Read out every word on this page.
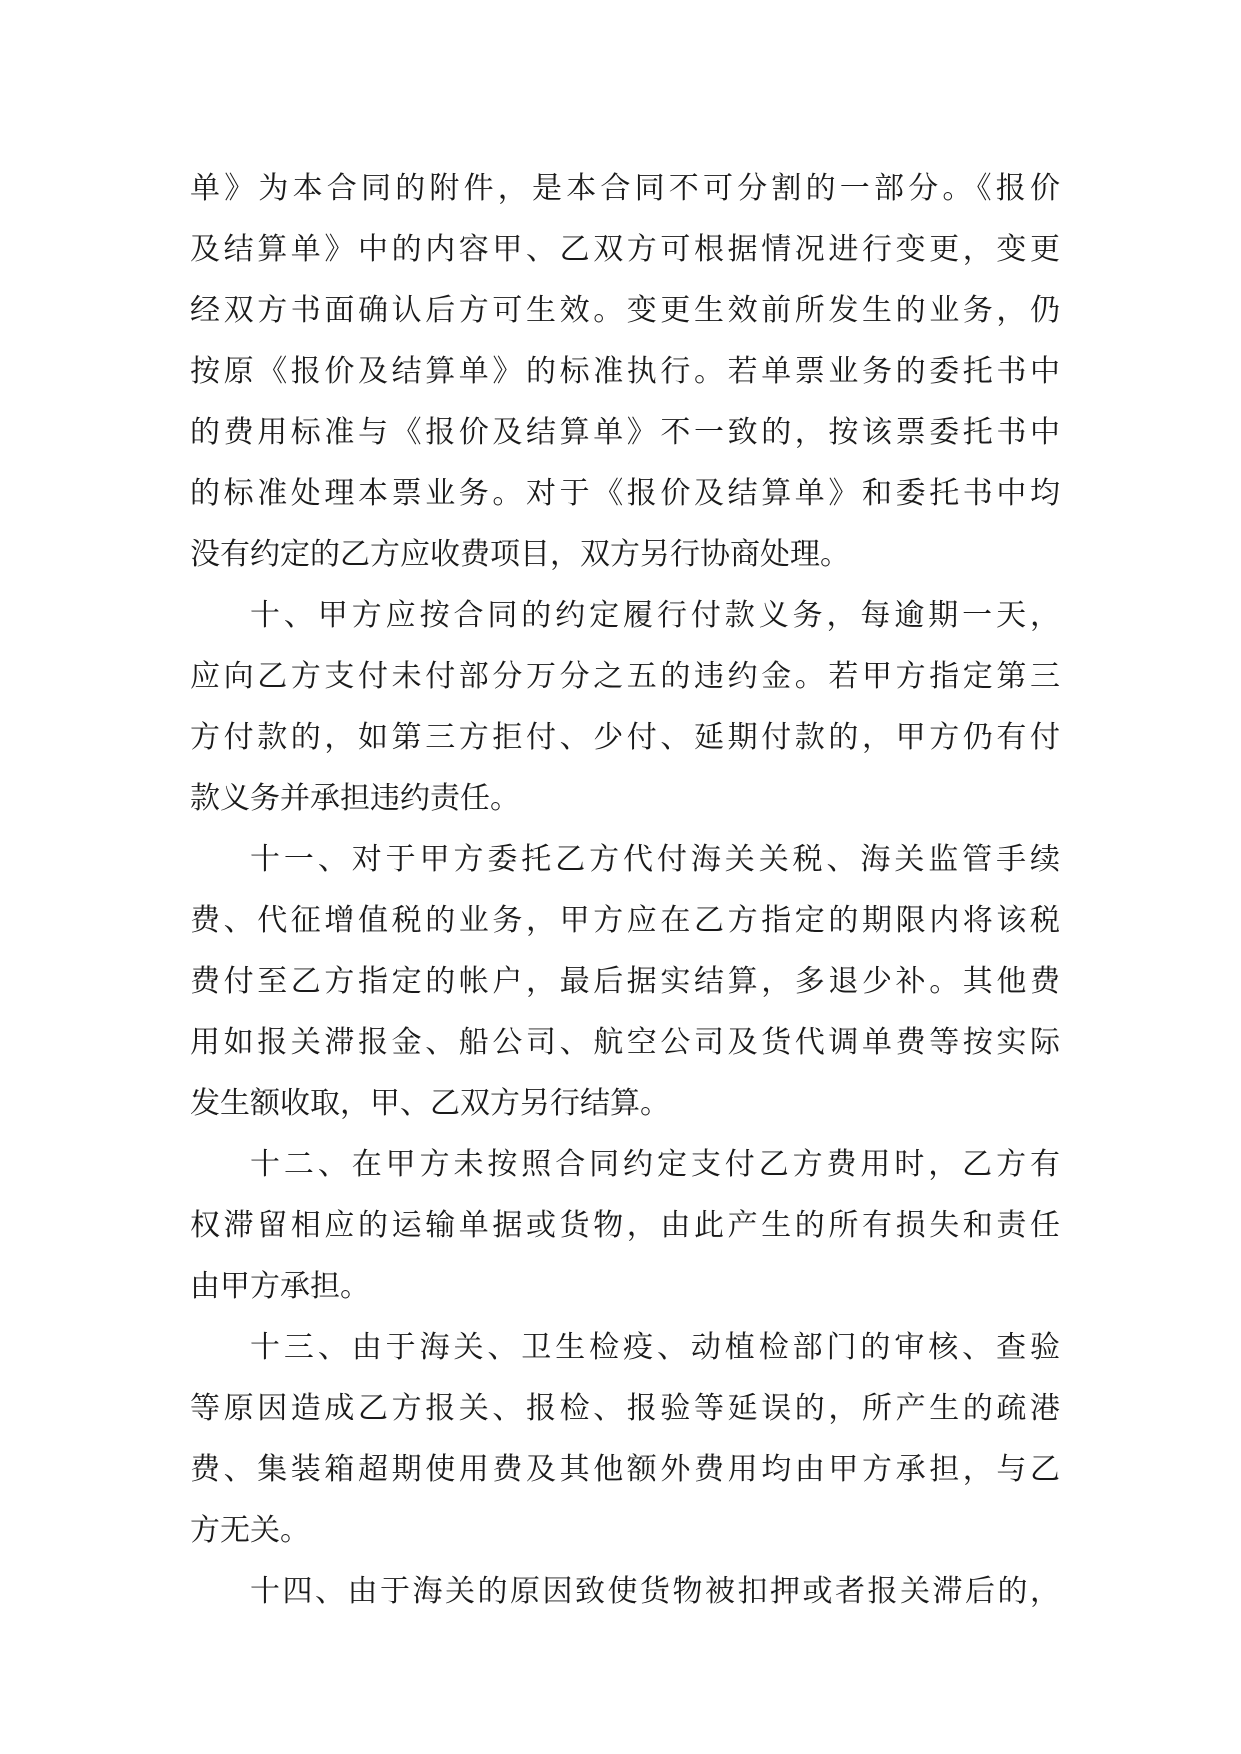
单》为本合同的附件，是本合同不可分割的一部分。《报价
及结算单》中的内容甲、乙双方可根据情况进行变更，变更
经双方书面确认后方可生效。变更生效前所发生的业务，仍
按原《报价及结算单》的标准执行。若单票业务的委托书中
的费用标准与《报价及结算单》不一致的，按该票委托书中
的标准处理本票业务。对于《报价及结算单》和委托书中均
没有约定的乙方应收费项目，双方另行协商处理。
十、甲方应按合同的约定履行付款义务，每逾期一天，
应向乙方支付未付部分万分之五的违约金。若甲方指定第三
方付款的，如第三方拒付、少付、延期付款的，甲方仍有付
款义务并承担违约责任。
十一、对于甲方委托乙方代付海关关税、海关监管手续
费、代征增值税的业务，甲方应在乙方指定的期限内将该税
费付至乙方指定的帐户，最后据实结算，多退少补。其他费
用如报关滞报金、船公司、航空公司及货代调单费等按实际
发生额收取，甲、乙双方另行结算。
十二、在甲方未按照合同约定支付乙方费用时，乙方有
权滞留相应的运输单据或货物，由此产生的所有损失和责任
由甲方承担。
十三、由于海关、卫生检疫、动植检部门的审核、查验
等原因造成乙方报关、报检、报验等延误的，所产生的疏港
费、集装箱超期使用费及其他额外费用均由甲方承担，与乙
方无关。
十四、由于海关的原因致使货物被扣押或者报关滞后的，
